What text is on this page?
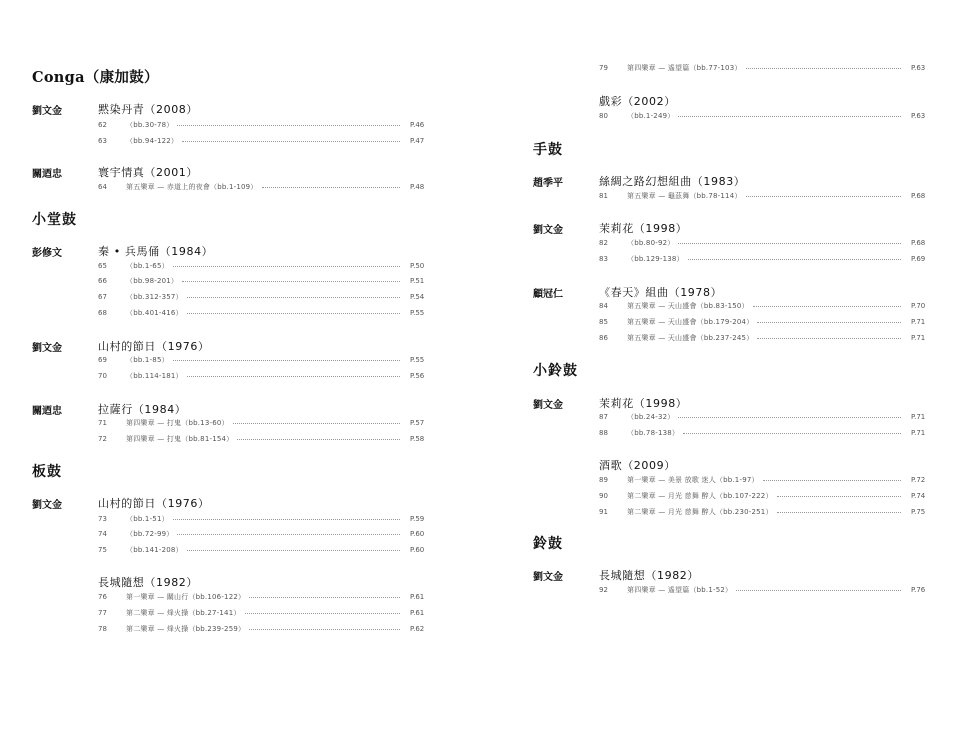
Conga（康加鼓）
劉文金	黙染丹青（2008）
62	（bb.30-78）	P.46
63	（bb.94-122）	P.47
關迺忠	寰宇情真（2001）
64	第五樂章 — 赤道上的夜會（bb.1-109）	P.48
小堂鼓
彭修文	秦 • 兵馬俑（1984）
65	（bb.1-65）	P.50
66	（bb.98-201）	P.51
67	（bb.312-357）	P.54
68	（bb.401-416）	P.55
劉文金	山村的節日（1976）
69	（bb.1-85）	P.55
70	（bb.114-181）	P.56
關迺忠	拉薩行（1984）
71	第四樂章 — 打鬼（bb.13-60）	P.57
72	第四樂章 — 打鬼（bb.81-154）	P.58
板鼓
劉文金	山村的節日（1976）
73	（bb.1-51）	P.59
74	（bb.72-99）	P.60
75	（bb.141-208）	P.60
長城隨想（1982）
76	第一樂章 — 關山行（bb.106-122）	P.61
77	第二樂章 — 烽火操（bb.27-141）	P.61
78	第二樂章 — 烽火操（bb.239-259）	P.62
79	第四樂章 — 遙望篇（bb.77-103）	P.63
戲彩（2002）
80	（bb.1-249）	P.63
手鼓
趙季平	絲綢之路幻想組曲（1983）
81	第五樂章 — 龜茲舞（bb.78-114）	P.68
劉文金	茉莉花（1998）
82	（bb.80-92）	P.68
83	（bb.129-138）	P.69
顧冠仁	《春天》組曲（1978）
84	第五樂章 — 天山盛會（bb.83-150）	P.70
85	第五樂章 — 天山盛會（bb.179-204）	P.71
86	第五樂章 — 天山盛會（bb.237-245）	P.71
小鈴鼓
劉文金	茉莉花（1998）
87	（bb.24-32）	P.71
88	（bb.78-138）	P.71
酒歌（2009）
89	第一樂章 — 美景 放歌 迷人（bb.1-97）	P.72
90	第二樂章 — 月光 慈舞 醉人（bb.107-222）	P.74
91	第二樂章 — 月光 慈舞 醉人（bb.230-251）	P.75
鈴鼓
劉文金	長城隨想（1982）
92	第四樂章 — 遙望篇（bb.1-52）	P.76
